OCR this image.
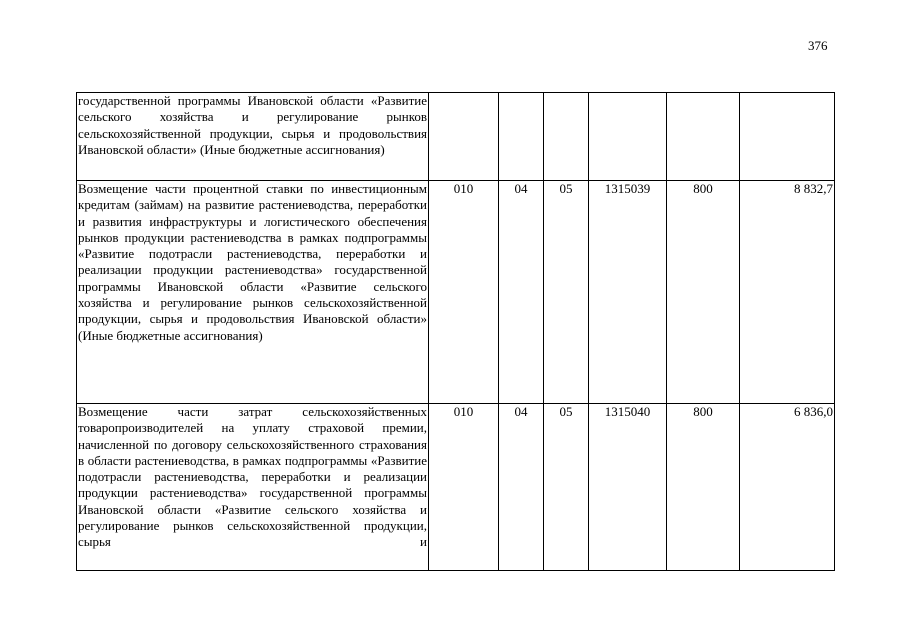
376
государственной программы Ивановской области «Развитие сельского хозяйства и регулирование рынков сельскохозяйственной продукции, сырья и продовольствия Ивановской области» (Иные бюджетные ассигнования)						
Возмещение части процентной ставки по инвестиционным кредитам (займам) на развитие растениеводства, переработки и развития инфраструктуры и логистического обеспечения рынков продукции растениеводства в рамках подпрограммы «Развитие подотрасли растениеводства, переработки и реализации продукции растениеводства» государственной программы Ивановской области «Развитие сельского хозяйства и регулирование рынков сельскохозяйственной продукции, сырья и продовольствия Ивановской области» (Иные бюджетные ассигнования)	010	04	05	1315039	800	8 832,7
Возмещение части затрат сельскохозяйственных товаропроизводителей на уплату страховой премии, начисленной по договору сельскохозяйственного страхования в области растениеводства, в рамках подпрограммы «Развитие подотрасли растениеводства, переработки и реализации продукции растениеводства» государственной программы Ивановской области «Развитие сельского хозяйства и регулирование рынков сельскохозяйственной продукции, сырья и	010	04	05	1315040	800	6 836,0
